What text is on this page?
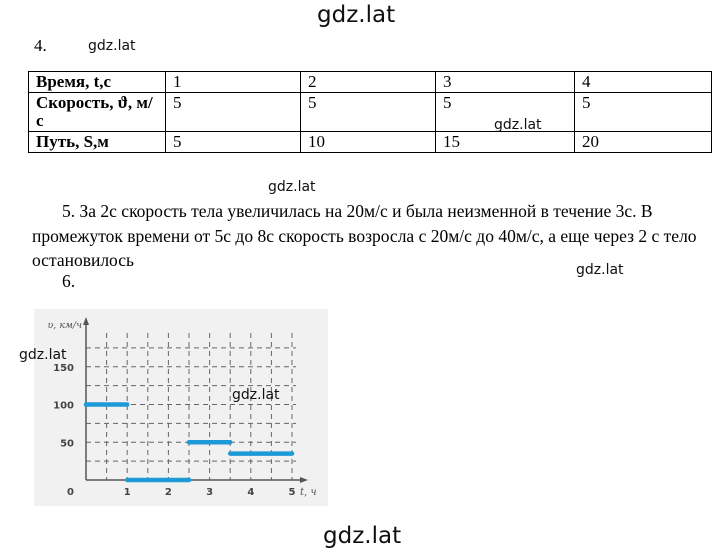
gdz.lat
4.	gdz.lat
Время, t,c	1	2	3	4
Скорость, ϑ, м/с	5	5	5	5
Путь, S,м	5	10	15	20
gdz.lat
gdz.lat
5. За 2с скорость тела увеличилась на 20м/с и была неизменной в течение 3с. В промежуток времени от 5с до 8с скорость возросла с 20м/с до 40м/с, а еще через 2 с тело остановилось	gdz.lat
6.
1	2	3	4	5
50
100
150
0
υ, км/ч
t, ч
gdz.lat
gdz.lat
gdz.lat
